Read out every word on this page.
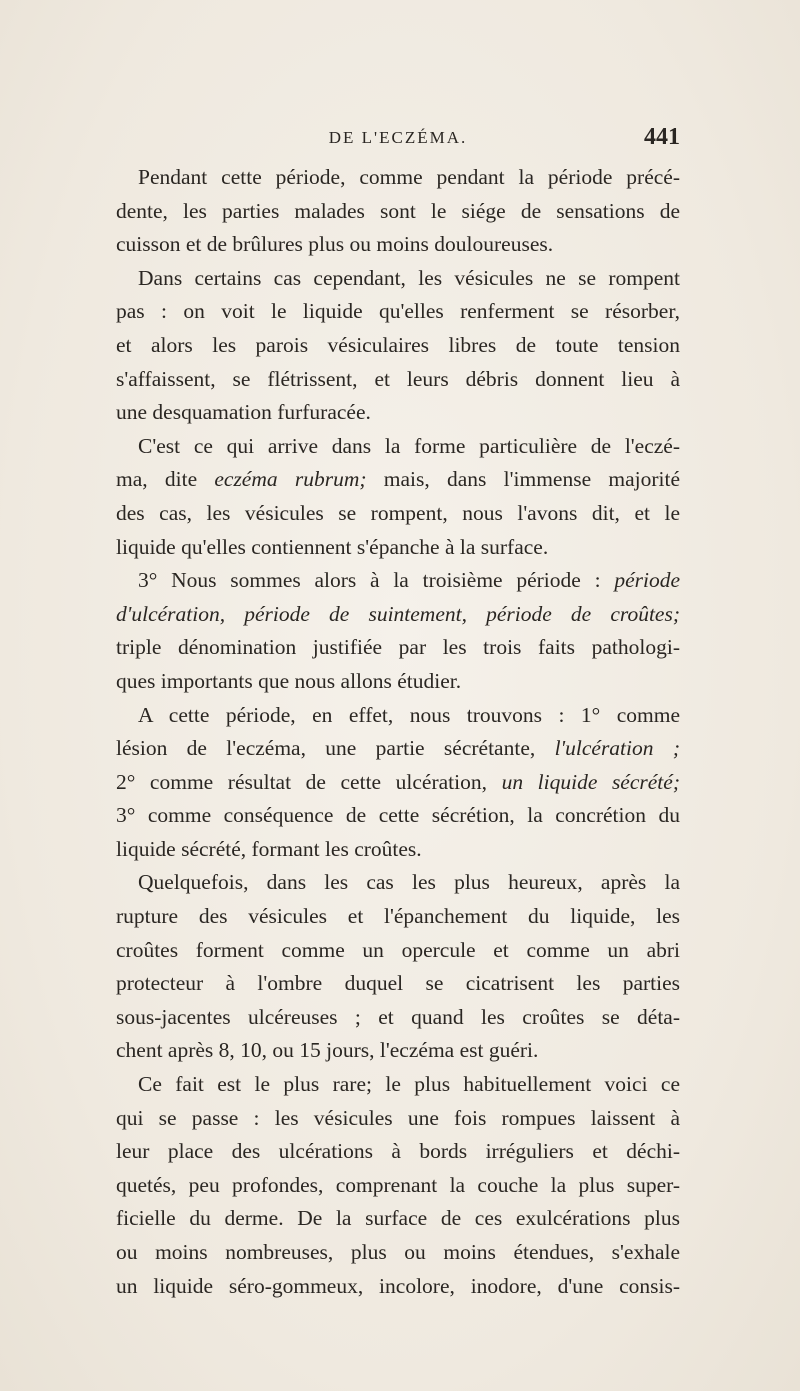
DE L'ECZÉMA.	441
Pendant cette période, comme pendant la période précé-
dente, les parties malades sont le siége de sensations de
cuisson et de brûlures plus ou moins douloureuses.
Dans certains cas cependant, les vésicules ne se rompent
pas : on voit le liquide qu'elles renferment se résorber,
et alors les parois vésiculaires libres de toute tension
s'affaissent, se flétrissent, et leurs débris donnent lieu à
une desquamation furfuracée.
C'est ce qui arrive dans la forme particulière de l'eczé-
ma, dite eczéma rubrum; mais, dans l'immense majorité
des cas, les vésicules se rompent, nous l'avons dit, et le
liquide qu'elles contiennent s'épanche à la surface.
3° Nous sommes alors à la troisième période : période
d'ulcération, période de suintement, période de croûtes;
triple dénomination justifiée par les trois faits pathologi-
ques importants que nous allons étudier.
A cette période, en effet, nous trouvons : 1° comme
lésion de l'eczéma, une partie sécrétante, l'ulcération ;
2° comme résultat de cette ulcération, un liquide sécrété;
3° comme conséquence de cette sécrétion, la concrétion du
liquide sécrété, formant les croûtes.
Quelquefois, dans les cas les plus heureux, après la
rupture des vésicules et l'épanchement du liquide, les
croûtes forment comme un opercule et comme un abri
protecteur à l'ombre duquel se cicatrisent les parties
sous-jacentes ulcéreuses ; et quand les croûtes se déta-
chent après 8, 10, ou 15 jours, l'eczéma est guéri.
Ce fait est le plus rare; le plus habituellement voici ce
qui se passe : les vésicules une fois rompues laissent à
leur place des ulcérations à bords irréguliers et déchi-
quetés, peu profondes, comprenant la couche la plus super-
ficielle du derme. De la surface de ces exulcérations plus
ou moins nombreuses, plus ou moins étendues, s'exhale
un liquide séro-gommeux, incolore, inodore, d'une consis-
